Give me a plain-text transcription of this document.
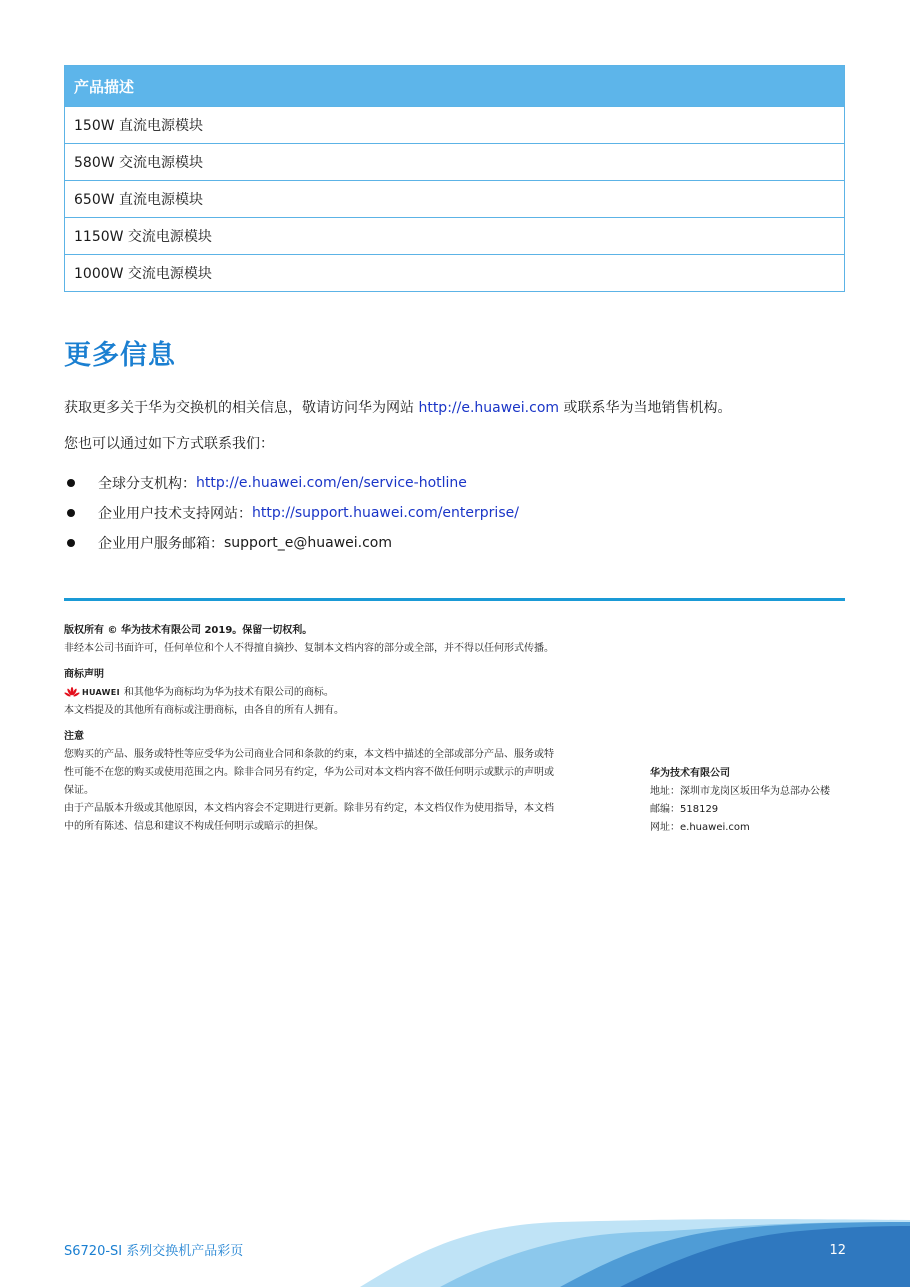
产品描述
150W 直流电源模块
580W 交流电源模块
650W 直流电源模块
1150W 交流电源模块
1000W 交流电源模块
更多信息
获取更多关于华为交换机的相关信息，敬请访问华为网站 http://e.huawei.com 或联系华为当地销售机构。
您也可以通过如下方式联系我们：
全球分支机构： http://e.huawei.com/en/service-hotline
企业用户技术支持网站： http://support.huawei.com/enterprise/
企业用户服务邮箱： support_e@huawei.com
版权所有 © 华为技术有限公司 2019。保留一切权利。
非经本公司书面许可，任何单位和个人不得擅自摘抄、复制本文档内容的部分或全部，并不得以任何形式传播。
商标声明
HUAWEI 和其他华为商标均为华为技术有限公司的商标。
本文档提及的其他所有商标或注册商标，由各自的所有人拥有。
注意
您购买的产品、服务或特性等应受华为公司商业合同和条款的约束，本文档中描述的全部或部分产品、服务或特
性可能不在您的购买或使用范围之内。除非合同另有约定，华为公司对本文档内容不做任何明示或默示的声明或
保证。
由于产品版本升级或其他原因，本文档内容会不定期进行更新。除非另有约定，本文档仅作为使用指导，本文档
中的所有陈述、信息和建议不构成任何明示或暗示的担保。
华为技术有限公司
地址：深圳市龙岗区坂田华为总部办公楼
邮编：518129
网址：e.huawei.com
S6720-SI 系列交换机产品彩页	12
